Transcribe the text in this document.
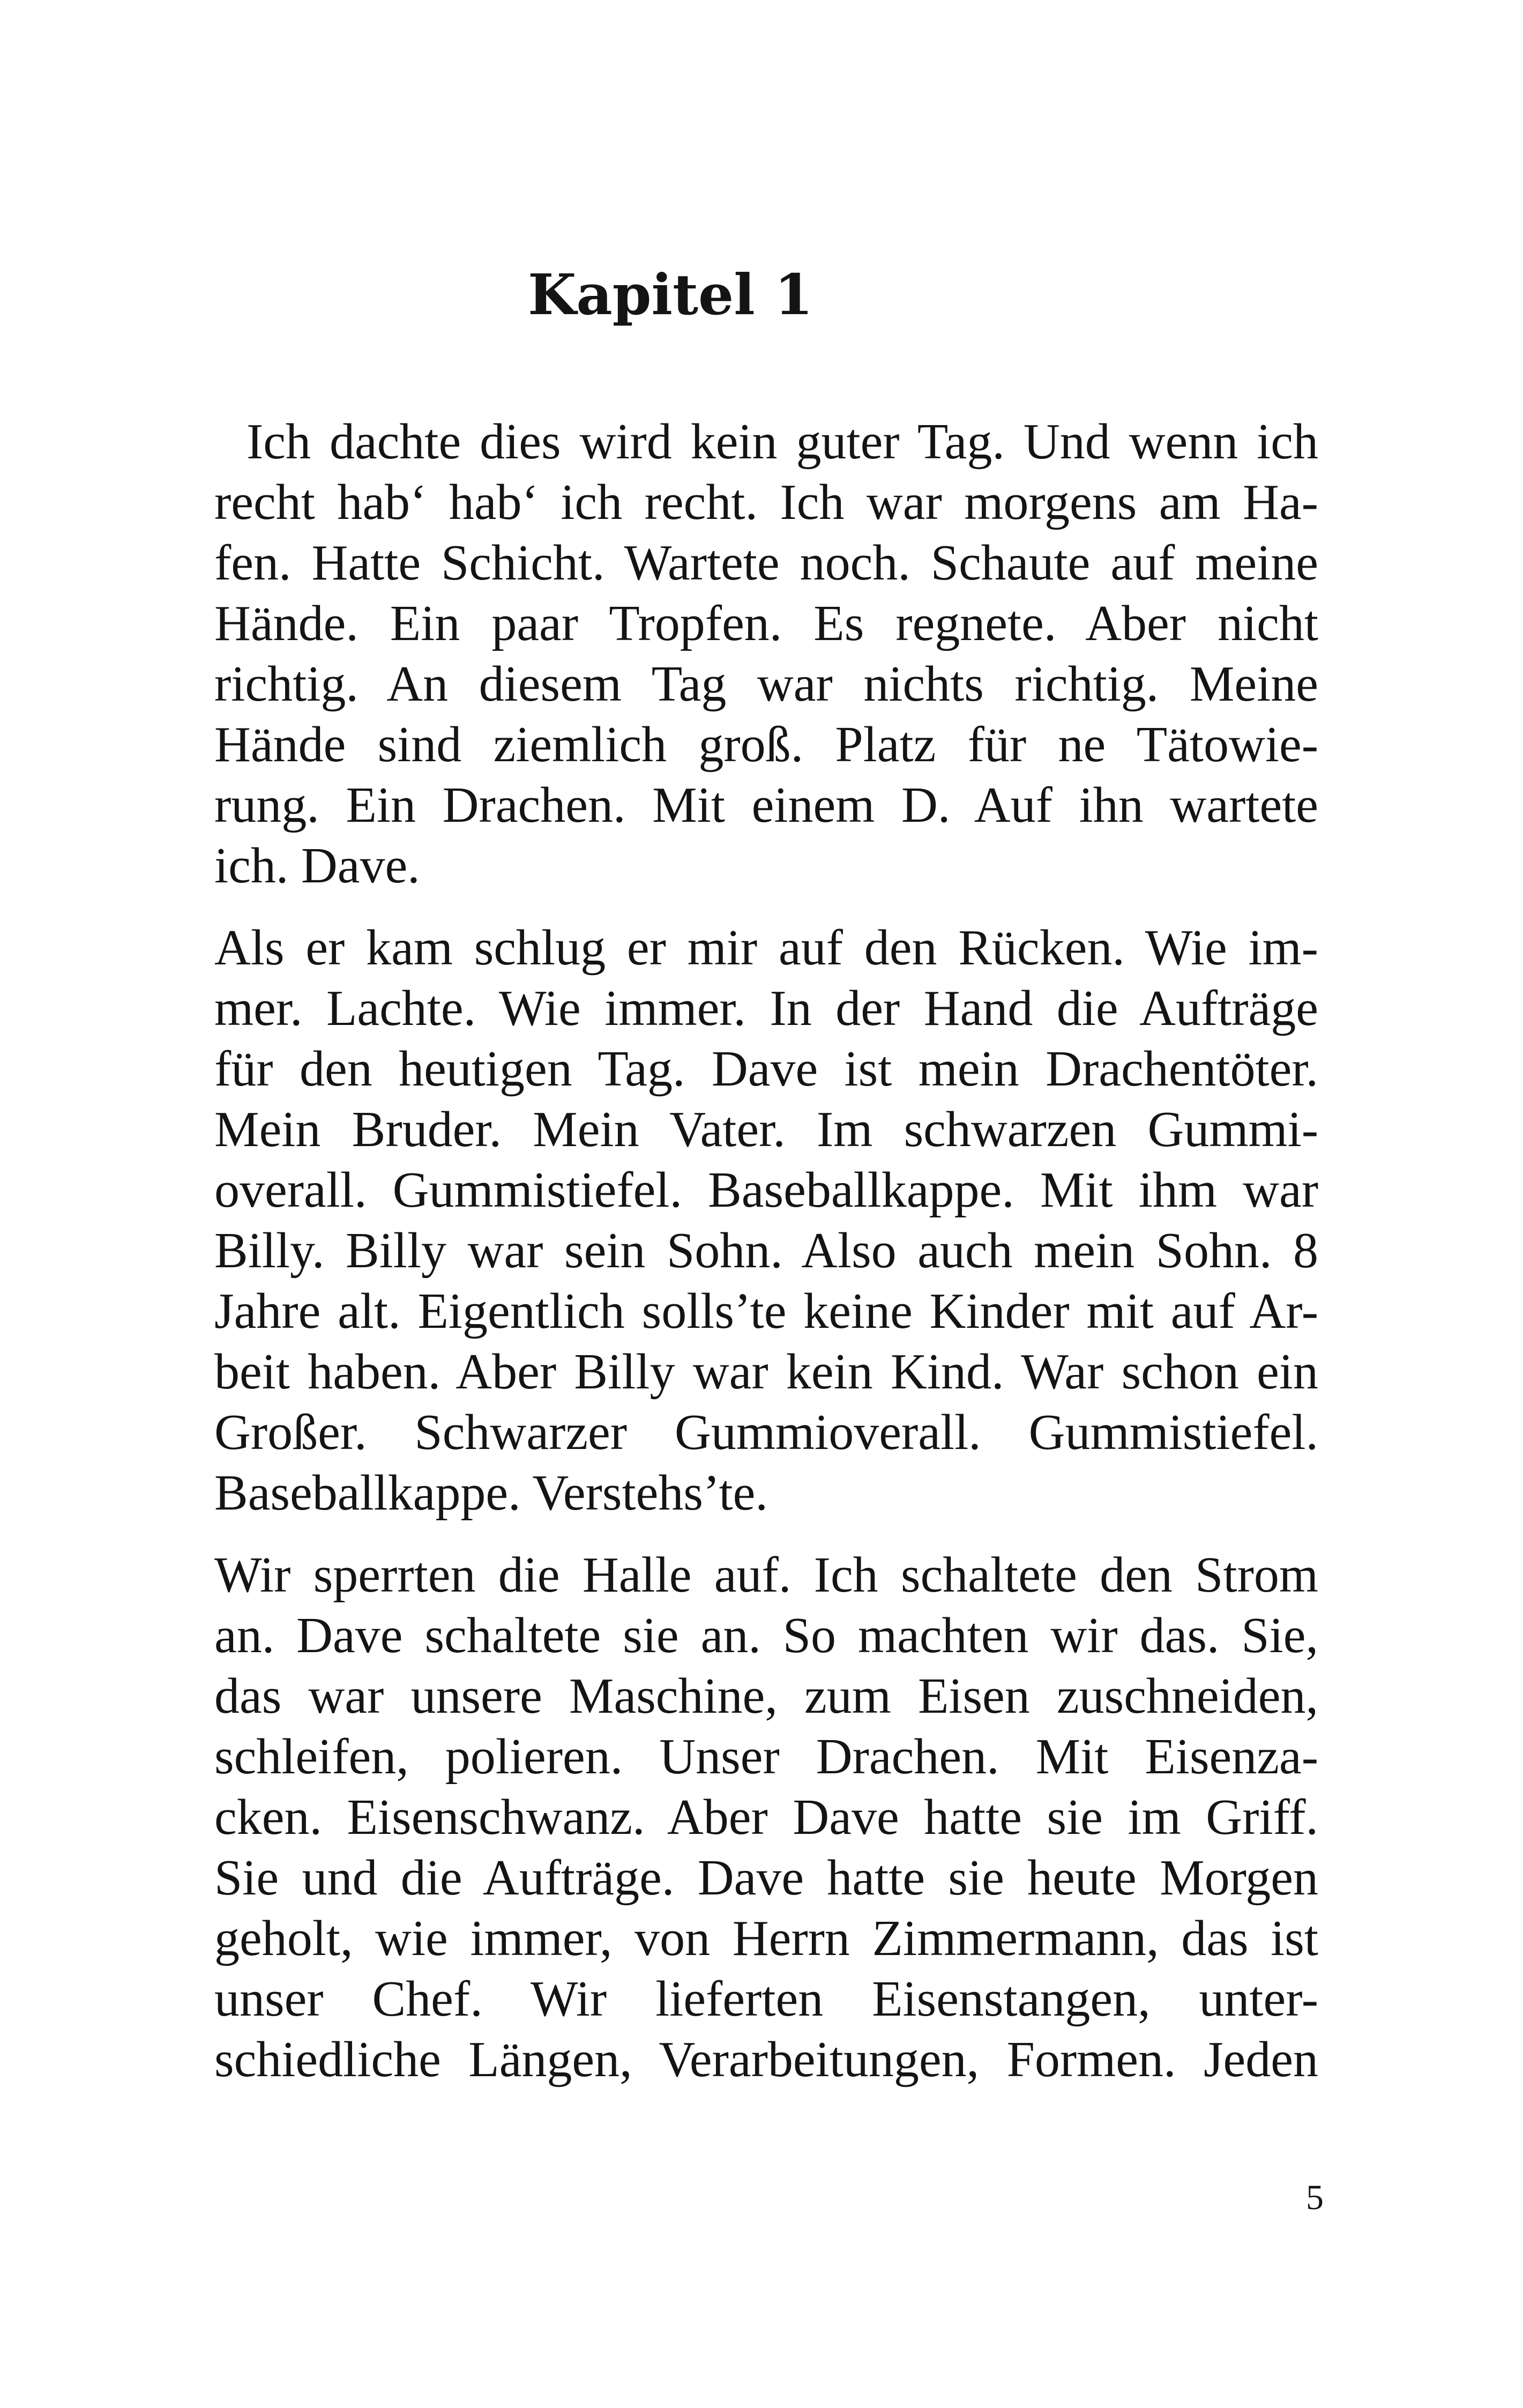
Kapitel 1
Ich dachte dies wird kein guter Tag. Und wenn ich
recht hab‘ hab‘ ich recht. Ich war morgens am Ha-
fen. Hatte Schicht. Wartete noch. Schaute auf meine
Hände. Ein paar Tropfen. Es regnete. Aber nicht
richtig. An diesem Tag war nichts richtig. Meine
Hände sind ziemlich groß. Platz für ne Tätowie-
rung. Ein Drachen. Mit einem D. Auf ihn wartete
ich. Dave.
Als er kam schlug er mir auf den Rücken. Wie im-
mer. Lachte. Wie immer. In der Hand die Aufträge
für den heutigen Tag. Dave ist mein Drachentöter.
Mein Bruder. Mein Vater. Im schwarzen Gummi-
overall. Gummistiefel. Baseballkappe. Mit ihm war
Billy. Billy war sein Sohn. Also auch mein Sohn. 8
Jahre alt. Eigentlich solls’te keine Kinder mit auf Ar-
beit haben. Aber Billy war kein Kind. War schon ein
Großer. Schwarzer Gummioverall. Gummistiefel.
Baseballkappe. Verstehs’te.
Wir sperrten die Halle auf. Ich schaltete den Strom
an. Dave schaltete sie an. So machten wir das. Sie,
das war unsere Maschine, zum Eisen zuschneiden,
schleifen, polieren. Unser Drachen. Mit Eisenza-
cken. Eisenschwanz. Aber Dave hatte sie im Griff.
Sie und die Aufträge. Dave hatte sie heute Morgen
geholt, wie immer, von Herrn Zimmermann, das ist
unser Chef. Wir lieferten Eisenstangen, unter-
schiedliche Längen, Verarbeitungen, Formen. Jeden
5
